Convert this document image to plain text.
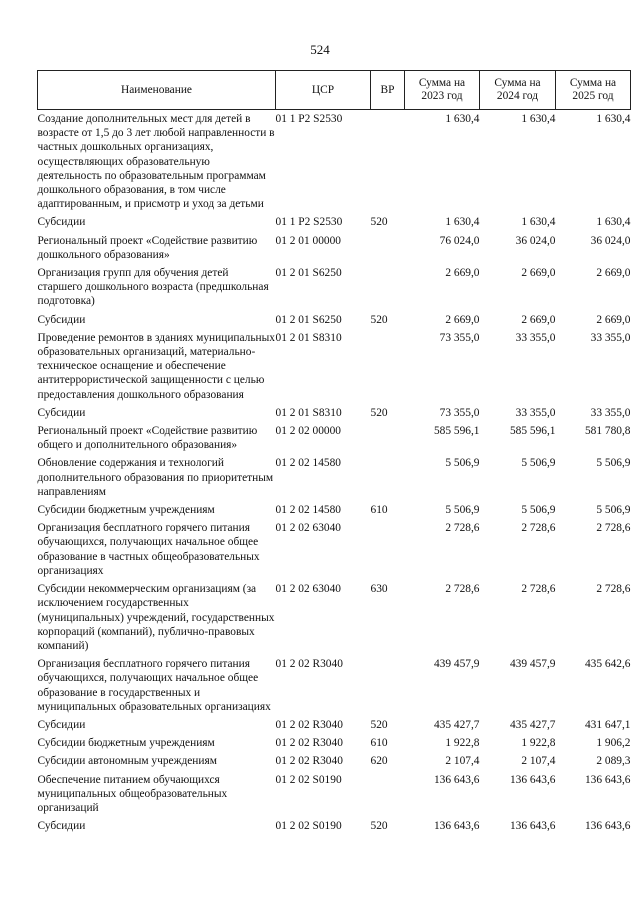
524
Наименование	ЦСР	ВР	Сумма на 2023 год	Сумма на 2024 год	Сумма на 2025 год
Создание дополнительных мест для детей в возрасте от 1,5 до 3 лет любой направленности в частных дошкольных организациях, осуществляющих образовательную деятельность по образовательным программам дошкольного образования, в том числе адаптированным, и присмотр и уход за детьми	01 1 P2 S2530		1 630,4	1 630,4	1 630,4
Субсидии	01 1 P2 S2530	520	1 630,4	1 630,4	1 630,4
Региональный проект «Содействие развитию дошкольного образования»	01 2 01 00000		76 024,0	36 024,0	36 024,0
Организация групп для обучения детей старшего дошкольного возраста (предшкольная подготовка)	01 2 01 S6250		2 669,0	2 669,0	2 669,0
Субсидии	01 2 01 S6250	520	2 669,0	2 669,0	2 669,0
Проведение ремонтов в зданиях муниципальных образовательных организаций, материально-техническое оснащение и обеспечение антитеррористической защищенности с целью предоставления дошкольного образования	01 2 01 S8310		73 355,0	33 355,0	33 355,0
Субсидии	01 2 01 S8310	520	73 355,0	33 355,0	33 355,0
Региональный проект «Содействие развитию общего и дополнительного образования»	01 2 02 00000		585 596,1	585 596,1	581 780,8
Обновление содержания и технологий дополнительного образования по приоритетным направлениям	01 2 02 14580		5 506,9	5 506,9	5 506,9
Субсидии бюджетным учреждениям	01 2 02 14580	610	5 506,9	5 506,9	5 506,9
Организация бесплатного горячего питания обучающихся, получающих начальное общее образование в частных общеобразовательных организациях	01 2 02 63040		2 728,6	2 728,6	2 728,6
Субсидии некоммерческим организациям (за исключением государственных (муниципальных) учреждений, государственных корпораций (компаний), публично-правовых компаний)	01 2 02 63040	630	2 728,6	2 728,6	2 728,6
Организация бесплатного горячего питания обучающихся, получающих начальное общее образование в государственных и муниципальных образовательных организациях	01 2 02 R3040		439 457,9	439 457,9	435 642,6
Субсидии	01 2 02 R3040	520	435 427,7	435 427,7	431 647,1
Субсидии бюджетным учреждениям	01 2 02 R3040	610	1 922,8	1 922,8	1 906,2
Субсидии автономным учреждениям	01 2 02 R3040	620	2 107,4	2 107,4	2 089,3
Обеспечение питанием обучающихся муниципальных общеобразовательных организаций	01 2 02 S0190		136 643,6	136 643,6	136 643,6
Субсидии	01 2 02 S0190	520	136 643,6	136 643,6	136 643,6
